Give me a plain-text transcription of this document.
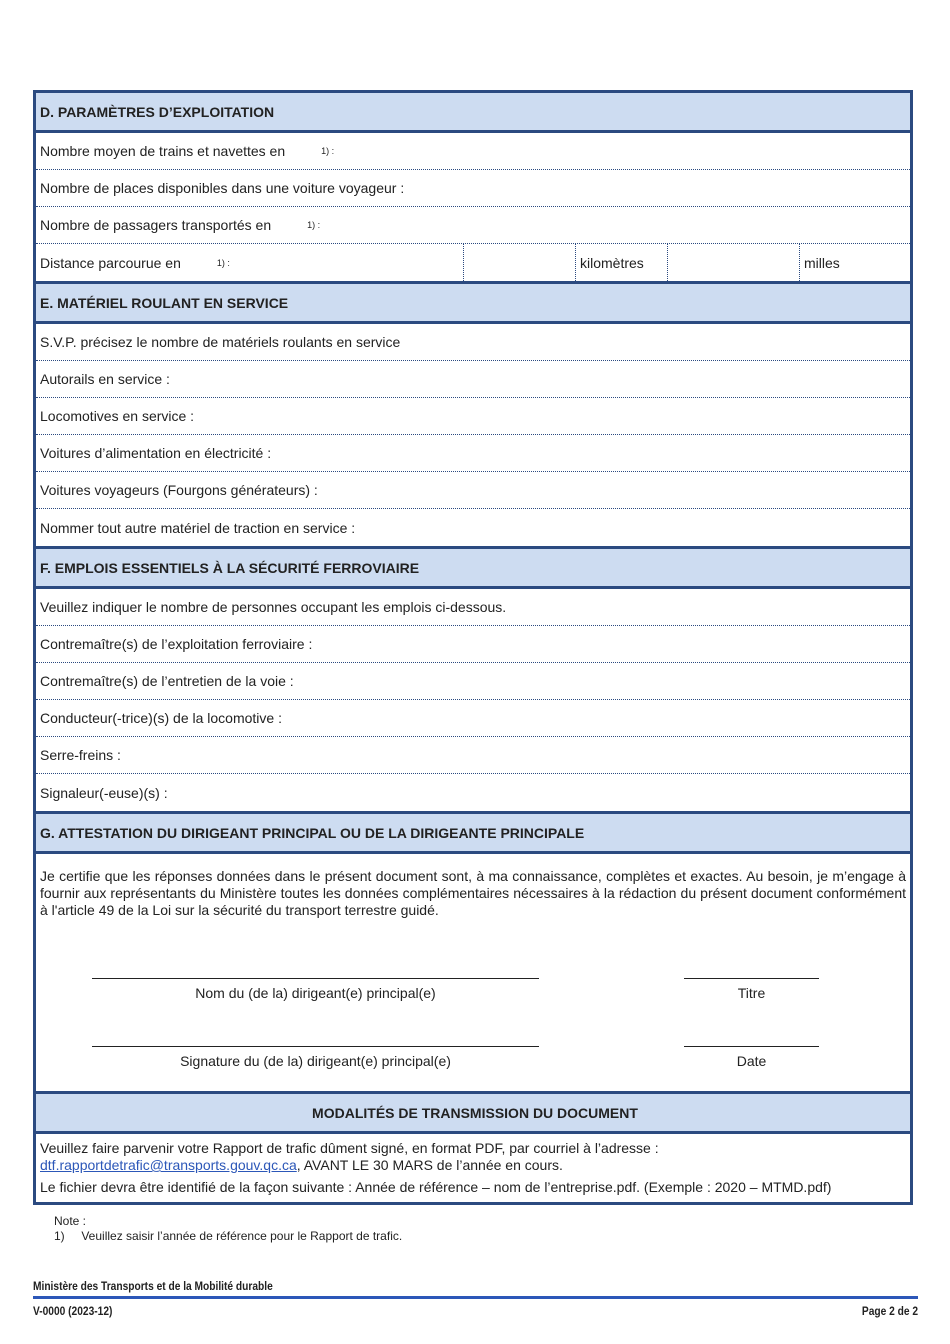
D. PARAMÈTRES D’EXPLOITATION
Nombre moyen de trains et navettes en	1) :
Nombre de places disponibles dans une voiture voyageur :
Nombre de passagers transportés en	1) :
Distance parcourue en	1) :	kilomètres	milles
E. MATÉRIEL ROULANT EN SERVICE
S.V.P. précisez le nombre de matériels roulants en service
Autorails en service :
Locomotives en service :
Voitures d’alimentation en électricité :
Voitures voyageurs (Fourgons générateurs) :
Nommer tout autre matériel de traction en service :
F. EMPLOIS ESSENTIELS À LA SÉCURITÉ FERROVIAIRE
Veuillez indiquer le nombre de personnes occupant les emplois ci-dessous.
Contremaître(s) de l’exploitation ferroviaire :
Contremaître(s) de l’entretien de la voie :
Conducteur(-trice)(s) de la locomotive :
Serre-freins :
Signaleur(-euse)(s) :
G. ATTESTATION DU DIRIGEANT PRINCIPAL OU DE LA DIRIGEANTE PRINCIPALE

Je certifie que les réponses données dans le présent document sont, à ma connaissance, complètes et exactes. Au besoin, je m’engage à fournir aux représentants du Ministère toutes les données complémentaires nécessaires à la rédaction du présent document conformément à l'article 49 de la Loi sur la sécurité du transport terrestre guidé.

Nom du (de la) dirigeant(e) principal(e)	Titre
Signature du (de la) dirigeant(e) principal(e)	Date
MODALITÉS DE TRANSMISSION DU DOCUMENT
Veuillez faire parvenir votre Rapport de trafic dûment signé, en format PDF, par courriel à l’adresse :
dtf.rapportdetrafic@transports.gouv.qc.ca, AVANT LE 30 MARS de l’année en cours.
Le fichier devra être identifié de la façon suivante : Année de référence – nom de l’entreprise.pdf. (Exemple : 2020 – MTMD.pdf)
Note :
1)     Veuillez saisir l’année de référence pour le Rapport de trafic.
Ministère des Transports et de la Mobilité durable
V-0000 (2023-12)	Page 2 de 2
